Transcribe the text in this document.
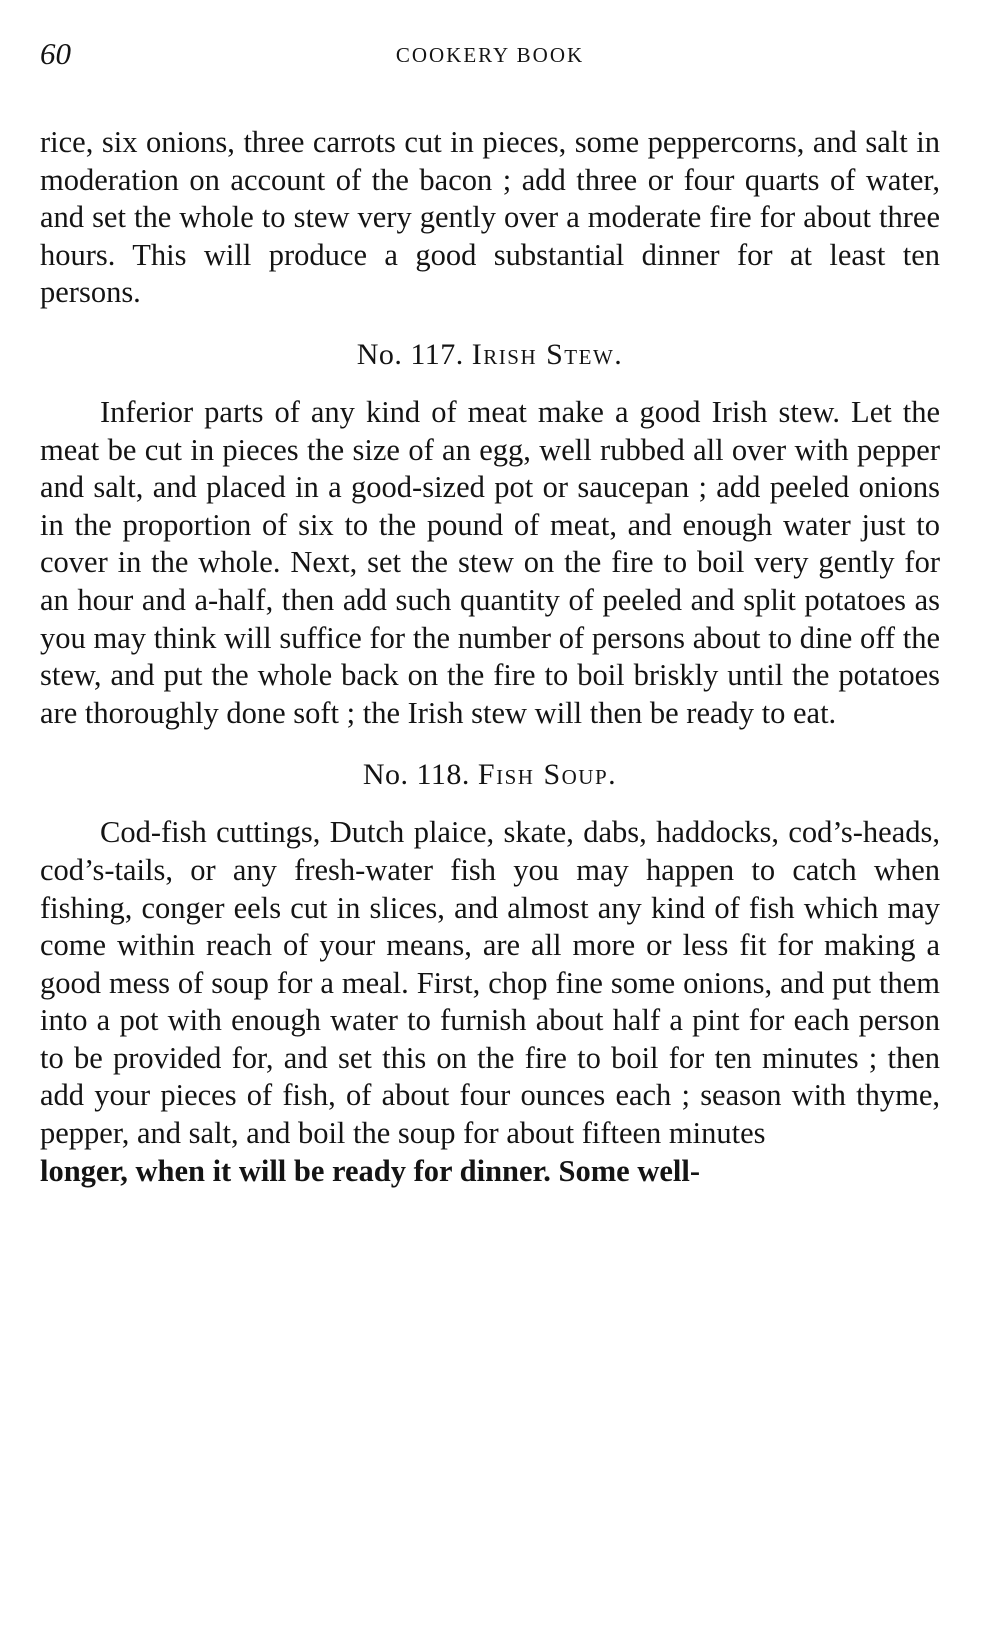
60	COOKERY BOOK

rice, six onions, three carrots cut in pieces, some peppercorns, and salt in moderation on account of the bacon ; add three or four quarts of water, and set the whole to stew very gently over a moderate fire for about three hours. This will produce a good substantial dinner for at least ten persons.

No. 117. Irish Stew.

Inferior parts of any kind of meat make a good Irish stew. Let the meat be cut in pieces the size of an egg, well rubbed all over with pepper and salt, and placed in a good-sized pot or saucepan ; add peeled onions in the proportion of six to the pound of meat, and enough water just to cover in the whole. Next, set the stew on the fire to boil very gently for an hour and a-half, then add such quantity of peeled and split potatoes as you may think will suffice for the number of persons about to dine off the stew, and put the whole back on the fire to boil briskly until the potatoes are thoroughly done soft ; the Irish stew will then be ready to eat.

No. 118. Fish Soup.

Cod-fish cuttings, Dutch plaice, skate, dabs, haddocks, cod’s-heads, cod’s-tails, or any fresh-water fish you may happen to catch when fishing, conger eels cut in slices, and almost any kind of fish which may come within reach of your means, are all more or less fit for making a good mess of soup for a meal. First, chop fine some onions, and put them into a pot with enough water to furnish about half a pint for each person to be provided for, and set this on the fire to boil for ten minutes ; then add your pieces of fish, of about four ounces each ; season with thyme, pepper, and salt, and boil the soup for about fifteen minutes

longer, when it will be ready for dinner. Some well-
